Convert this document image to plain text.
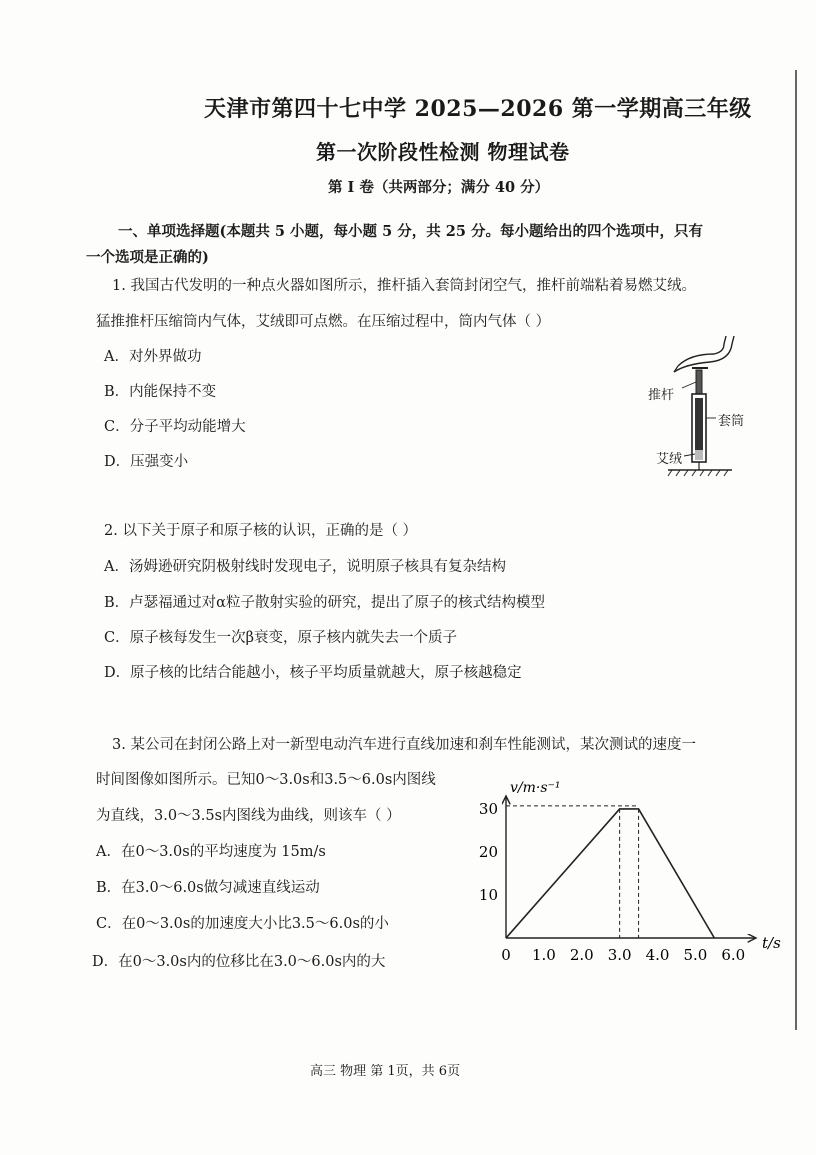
天津市第四十七中学 2025—2026 第一学期高三年级
第一次阶段性检测 物理试卷
第 I 卷（共两部分；满分 40 分）
一、单项选择题(本题共 5 小题，每小题 5 分，共 25 分。每小题给出的四个选项中，只有
一个选项是正确的)
1. 我国古代发明的一种点火器如图所示，推杆插入套筒封闭空气，推杆前端粘着易燃艾绒。
猛推推杆压缩筒内气体，艾绒即可点燃。在压缩过程中，筒内气体（ ）
A．对外界做功
B．内能保持不变
C．分子平均动能增大
D．压强变小
推杆
套筒
艾绒
2. 以下关于原子和原子核的认识，正确的是（ ）
A．汤姆逊研究阴极射线时发现电子，说明原子核具有复杂结构
B．卢瑟福通过对α粒子散射实验的研究，提出了原子的核式结构模型
C．原子核每发生一次β衰变，原子核内就失去一个质子
D．原子核的比结合能越小，核子平均质量就越大，原子核越稳定
3. 某公司在封闭公路上对一新型电动汽车进行直线加速和刹车性能测试，某次测试的速度一
时间图像如图所示。已知0～3.0s和3.5～6.0s内图线
为直线，3.0～3.5s内图线为曲线，则该车（ ）
A．在0～3.0s的平均速度为 15m/s
B．在3.0～6.0s做匀减速直线运动
C．在0～3.0s的加速度大小比3.5～6.0s的小
D．在0～3.0s内的位移比在3.0～6.0s内的大	0 1.0 2.0 3.0 4.0 5.0 6.0
10
20
30
v/m·s⁻¹
t/s
高三 物理 第 1页，共 6页
